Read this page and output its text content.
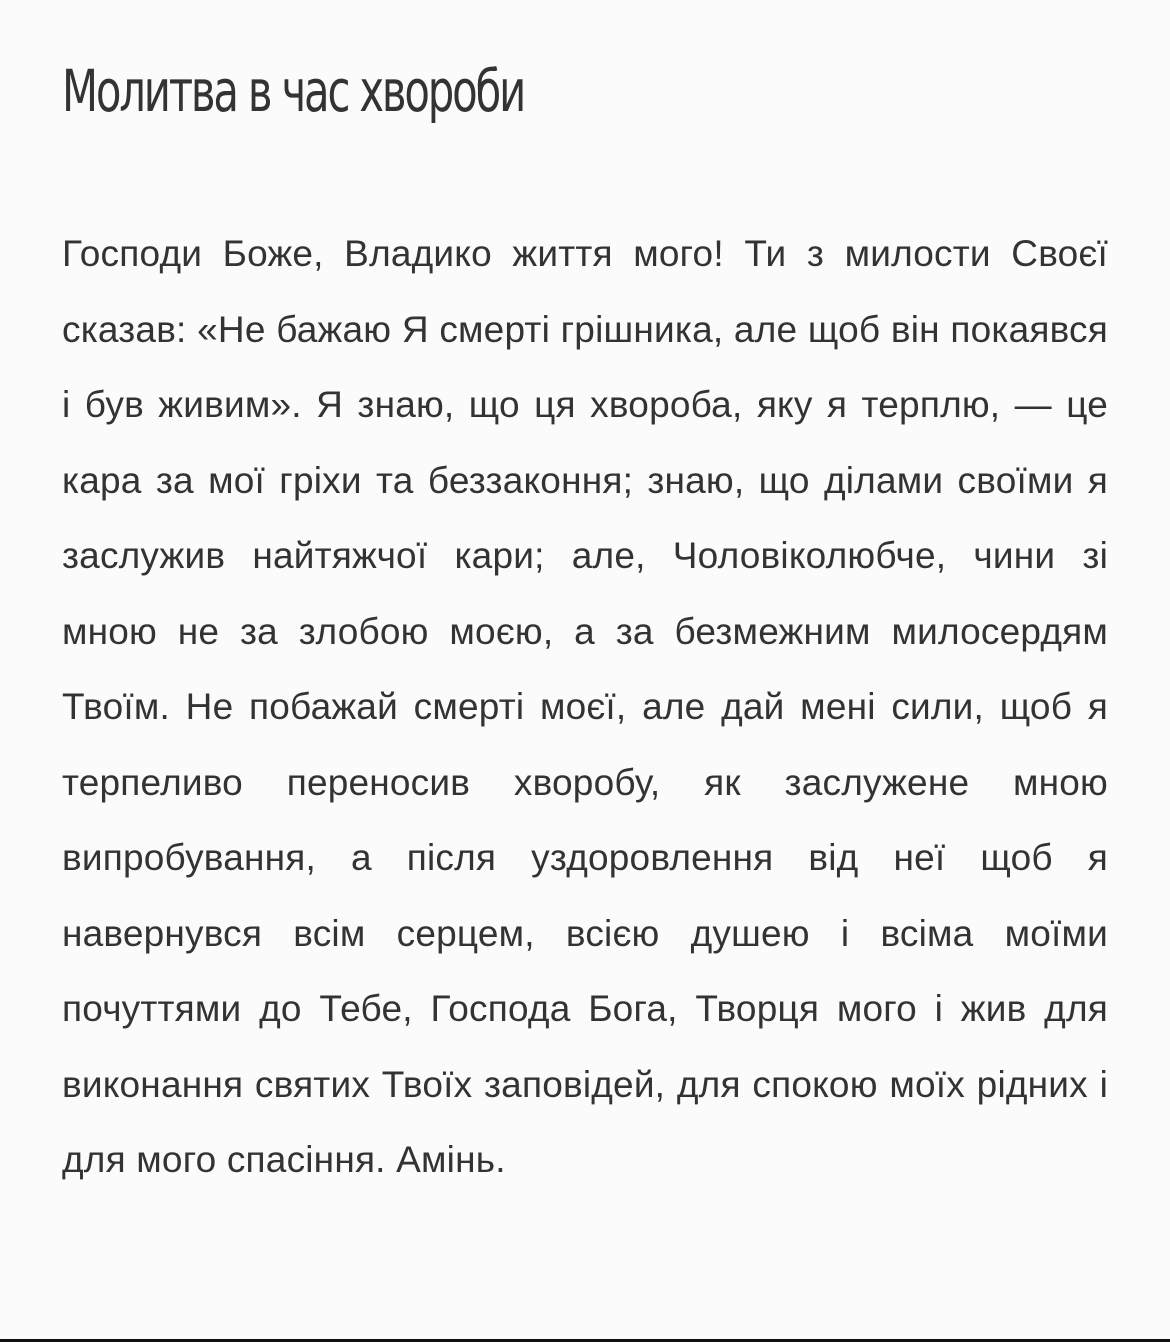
Молитва в час хвороби

Господи Боже, Владико життя мого! Ти з милости Своєї сказав: «Не бажаю Я смерті грішника, але щоб він покаявся і був живим». Я знаю, що ця хвороба, яку я терплю, — це кара за мої гріхи та беззаконня; знаю, що ділами своїми я заслужив найтяжчої кари; але, Чоловіколюбче, чини зі мною не за злобою моєю, а за безмежним милосердям Твоїм. Не побажай смерті моєї, але дай мені сили, щоб я терпеливо переносив хворобу, як заслужене мною випробування, а після уздоровлення від неї щоб я навернувся всім серцем, всією душею і всіма моїми почуттями до Тебе, Господа Бога, Творця мого і жив для виконання святих Твоїх заповідей, для спокою моїх рідних і для мого спасіння. Амінь.
